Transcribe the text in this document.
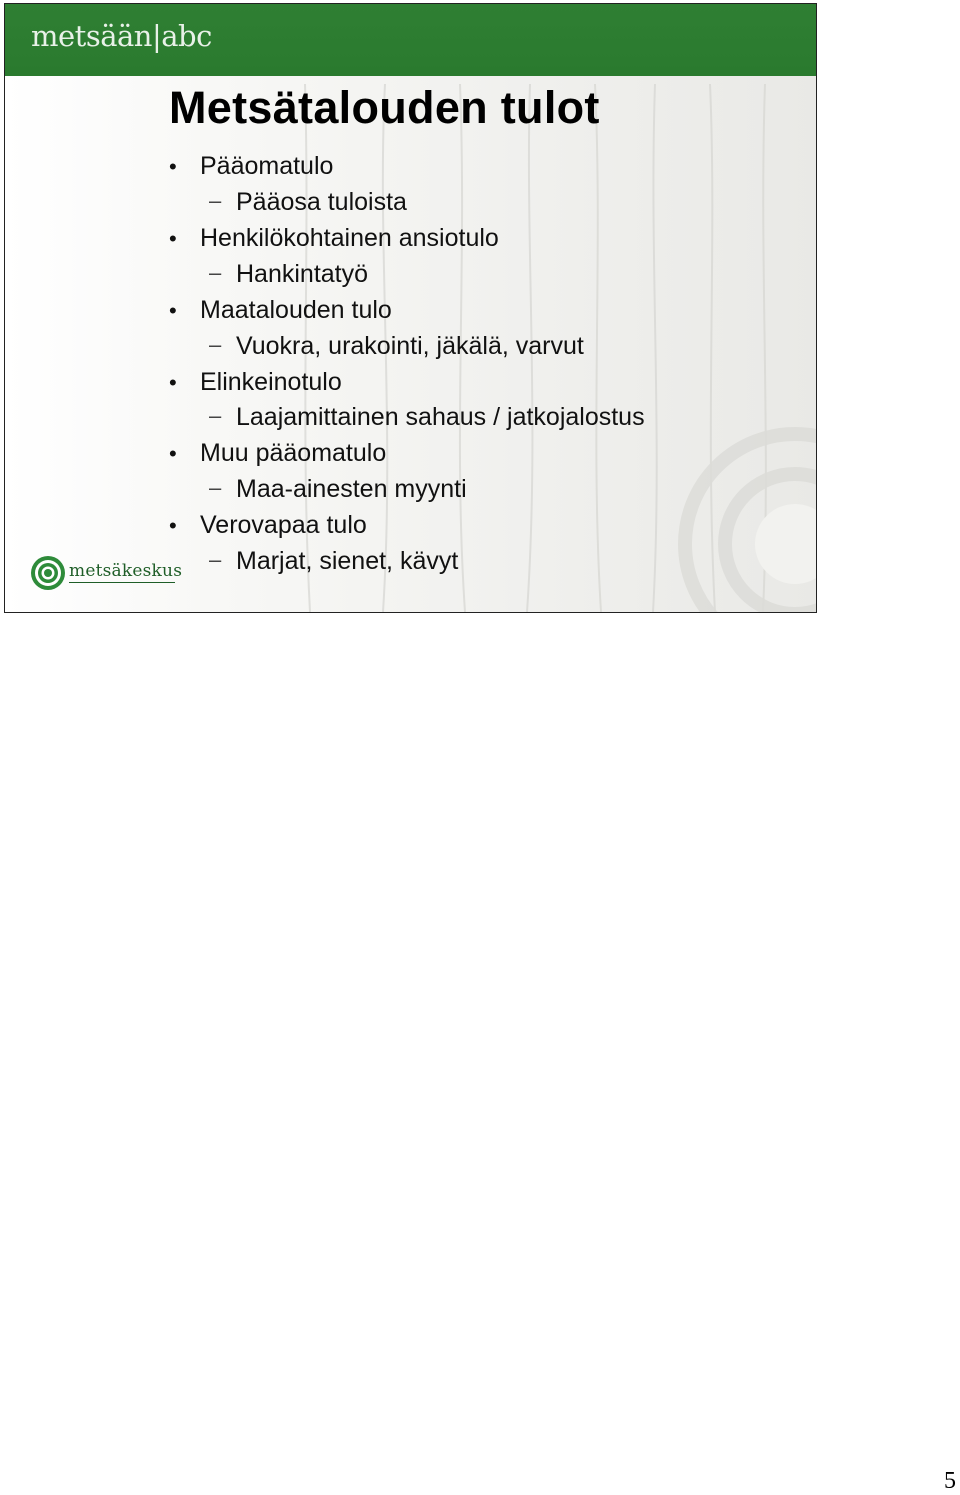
metsään|abc
Metsätalouden tulot
• Pääomatulo
– Pääosa tuloista
• Henkilökohtainen ansiotulo
– Hankintatyö
• Maatalouden tulo
– Vuokra, urakointi, jäkälä, varvut
• Elinkeinotulo
– Laajamittainen sahaus / jatkojalostus
• Muu pääomatulo
– Maa-ainesten myynti
• Verovapaa tulo
– Marjat, sienet, kävyt
metsäkeskus
5
